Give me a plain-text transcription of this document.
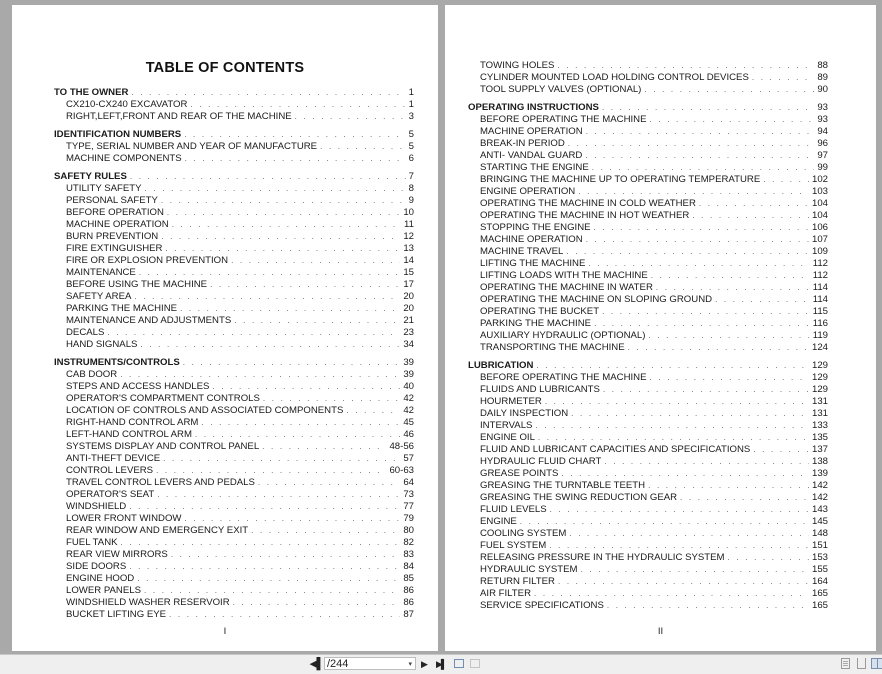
TABLE OF CONTENTS
TO THE OWNER . . .	1
CX210-CX240 EXCAVATOR . . .	1
RIGHT,LEFT,FRONT AND REAR OF THE MACHINE . . .	3
IDENTIFICATION NUMBERS . . .	5
TYPE, SERIAL NUMBER AND YEAR OF MANUFACTURE . . .	5
MACHINE COMPONENTS . . .	6
SAFETY RULES . . .	7
UTILITY SAFETY . . .	8
PERSONAL SAFETY . . .	9
BEFORE OPERATION . . .	10
MACHINE OPERATION . . .	11
BURN PREVENTION . . .	12
FIRE EXTINGUISHER . . .	13
FIRE OR EXPLOSION PREVENTION . . .	14
MAINTENANCE . . .	15
BEFORE USING THE MACHINE . . .	17
SAFETY AREA . . .	20
PARKING THE MACHINE . . .	20
MAINTENANCE AND ADJUSTMENTS . . .	21
DECALS . . .	23
HAND SIGNALS . . .	34
INSTRUMENTS/CONTROLS . . .	39
CAB DOOR . . .	39
STEPS AND ACCESS HANDLES . . .	40
OPERATOR'S COMPARTMENT CONTROLS . . .	42
LOCATION OF CONTROLS AND ASSOCIATED COMPONENTS . . .	42
RIGHT-HAND CONTROL ARM . . .	45
LEFT-HAND CONTROL ARM . . .	46
SYSTEMS DISPLAY AND CONTROL PANEL . . .	48-56
ANTI-THEFT DEVICE . . .	57
CONTROL LEVERS . . .	60-63
TRAVEL CONTROL LEVERS AND PEDALS . . .	64
OPERATOR'S SEAT . . .	73
WINDSHIELD . . .	77
LOWER FRONT WINDOW . . .	79
REAR WINDOW AND EMERGENCY EXIT . . .	80
FUEL TANK . . .	82
REAR VIEW MIRRORS . . .	83
SIDE DOORS . . .	84
ENGINE HOOD . . .	85
LOWER PANELS . . .	86
WINDSHIELD WASHER RESERVOIR . . .	86
BUCKET LIFTING EYE . . .	87
I
TOWING HOLES . . .	88
CYLINDER MOUNTED LOAD HOLDING CONTROL DEVICES . . .	89
TOOL SUPPLY VALVES (OPTIONAL) . . .	90
OPERATING INSTRUCTIONS . . .	93
BEFORE OPERATING THE MACHINE . . .	93
MACHINE OPERATION . . .	94
BREAK-IN PERIOD . . .	96
ANTI- VANDAL GUARD . . .	97
STARTING THE ENGINE . . .	99
BRINGING THE MACHINE UP TO OPERATING TEMPERATURE . . .	102
ENGINE OPERATION . . .	103
OPERATING THE MACHINE IN COLD WEATHER . . .	104
OPERATING THE MACHINE IN HOT WEATHER . . .	104
STOPPING THE ENGINE . . .	106
MACHINE OPERATION . . .	107
MACHINE TRAVEL . . .	109
LIFTING THE MACHINE . . .	112
LIFTING LOADS WITH THE MACHINE . . .	112
OPERATING THE MACHINE IN WATER . . .	114
OPERATING THE MACHINE ON SLOPING GROUND . . .	114
OPERATING THE BUCKET . . .	115
PARKING THE MACHINE . . .	116
AUXILIARY HYDRAULIC (OPTIONAL) . . .	119
TRANSPORTING THE MACHINE . . .	124
LUBRICATION . . .	129
BEFORE OPERATING THE MACHINE . . .	129
FLUIDS AND LUBRICANTS . . .	129
HOURMETER . . .	131
DAILY INSPECTION . . .	131
INTERVALS . . .	133
ENGINE OIL . . .	135
FLUID AND LUBRICANT CAPACITIES AND SPECIFICATIONS . . .	137
HYDRAULIC FLUID CHART . . .	138
GREASE POINTS . . .	139
GREASING THE TURNTABLE TEETH . . .	142
GREASING THE SWING REDUCTION GEAR . . .	142
FLUID LEVELS . . .	143
ENGINE . . .	145
COOLING SYSTEM . . .	148
FUEL SYSTEM . . .	151
RELEASING PRESSURE IN THE HYDRAULIC SYSTEM . . .	153
HYDRAULIC SYSTEM . . .	155
RETURN FILTER . . .	164
AIR FILTER . . .	165
SERVICE SPECIFICATIONS . . .	165
II
◀▌ /244	▾ ▶ ▶▌
